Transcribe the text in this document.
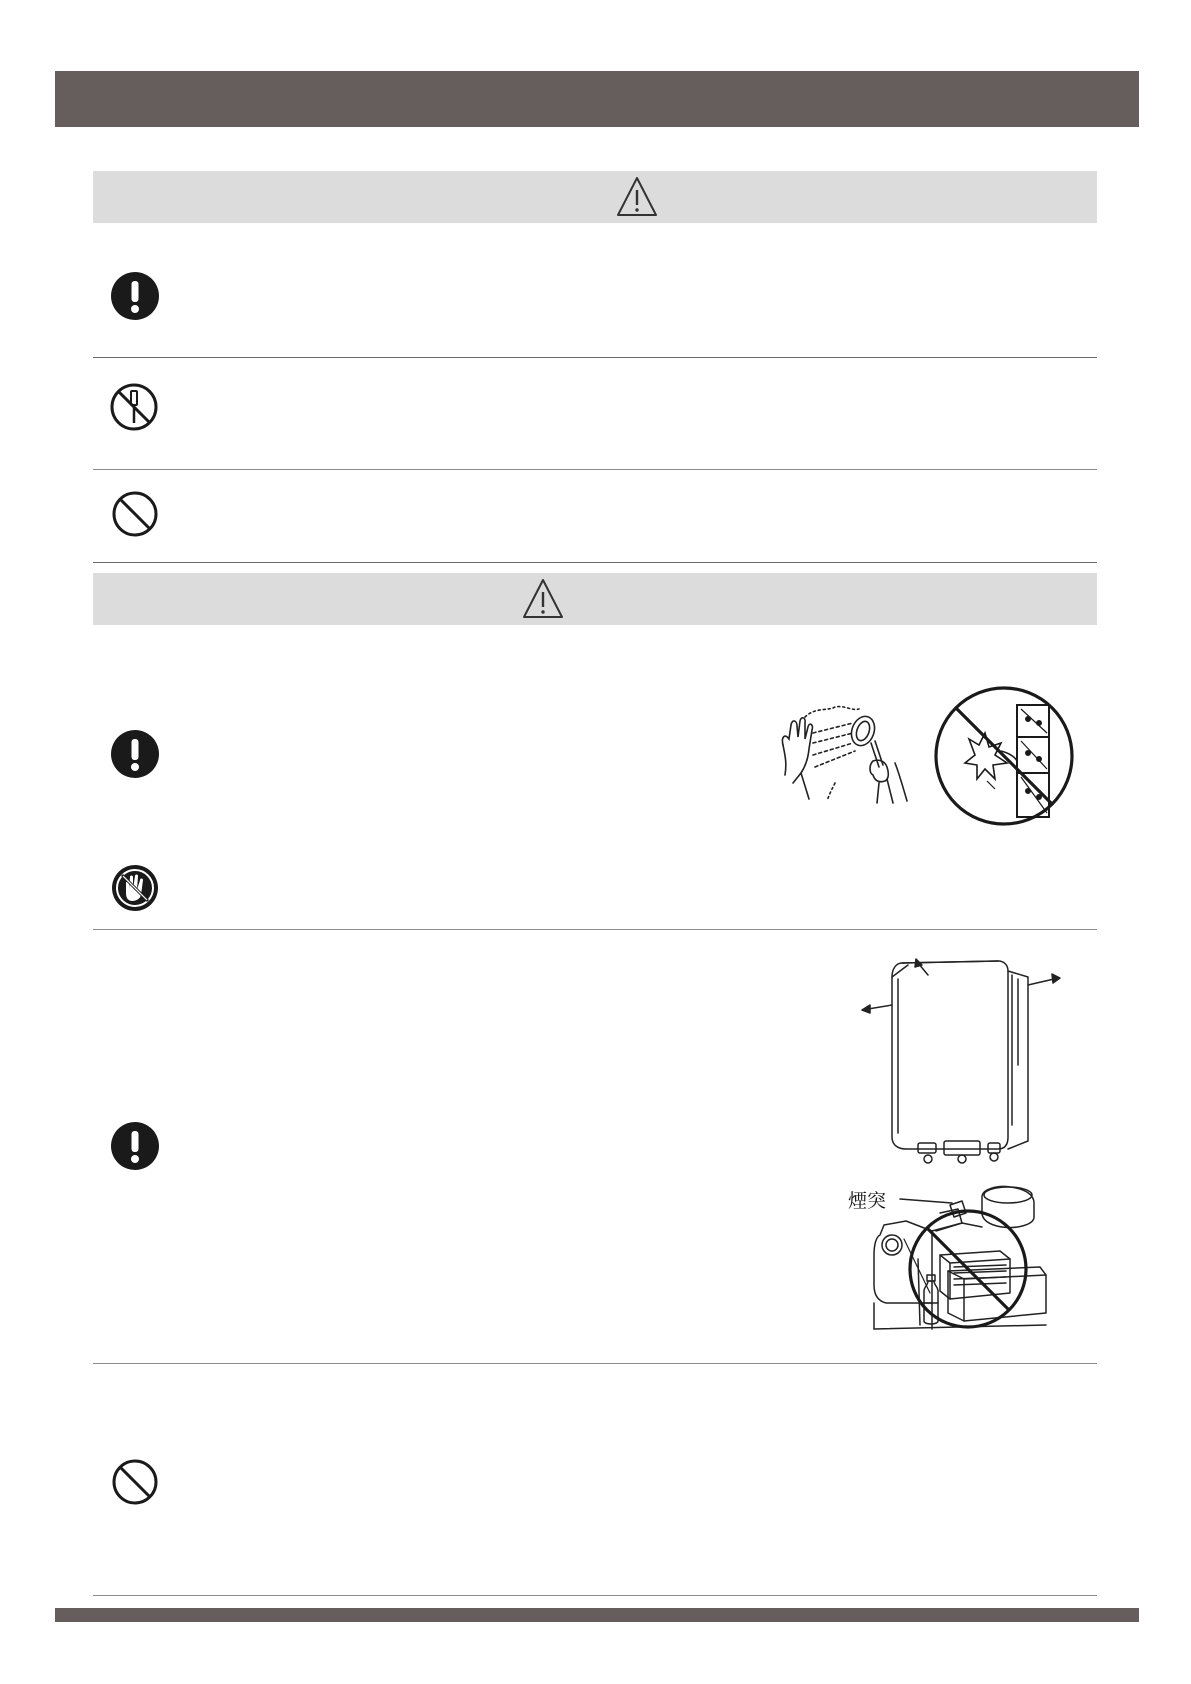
煙突
